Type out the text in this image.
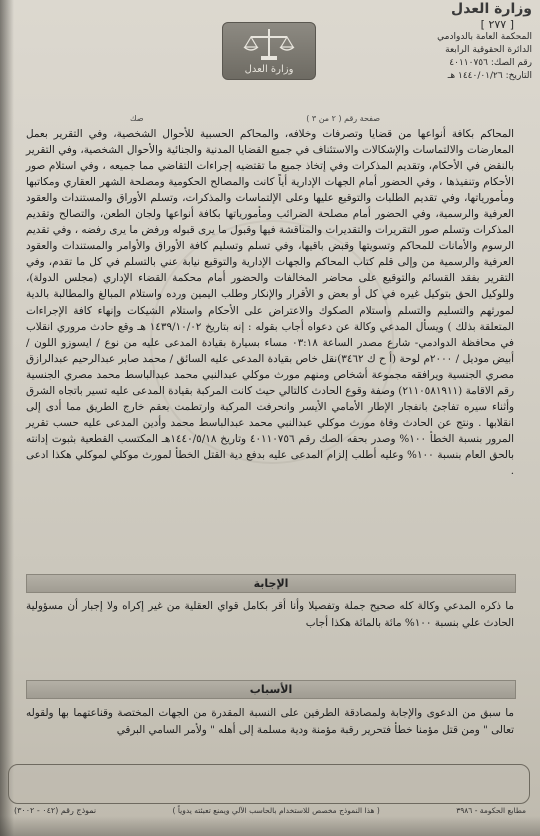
وزارة العدل
[ ٢٧٧ ]
المحكمة العامة بالدوادمي
الدائرة الحقوقية الرابعة
رقم الصك: ٤٠١١٠٧٥٦
التاريخ: ١٤٤٠/٠١/٢٦ هـ
وزارة العدل
صفحة رقم ( ٢ من ٣ )
صك
المحاكم بكافة أنواعها من قضايا وتصرفات وخلافه، والمحاكم الحسبية للأحوال الشخصية، وفي التقرير بعمل المعارضات والالتماسات والإشكالات والاستئناف في جميع القضايا المدنية والجنائية والأحوال الشخصية، وفي التقرير بالنقض في الأحكام، وتقديم المذكرات وفي إتخاذ جميع ما تقتضيه إجراءات التقاضي مما جميعه ، وفي استلام صور الأحكام وتنفيذها ، وفي الحضور أمام الجهات الإدارية أياً كانت والمصالح الحكومية ومصلحة الشهر العقاري ومكاتبها ومأمورياتها، وفي تقديم الطلبات والتوقيع عليها وعلى الإلتماسات والمذكرات، وتسلم الأوراق والمستندات والعقود العرفية والرسمية، وفي الحضور أمام مصلحة الضرائب ومأمورياتها بكافة أنواعها ولجان الطعن، والتصالح وتقديم المذكرات وتسلم صور التقريرات والتقديرات والمناقشة فيها وقبول ما يرى قبوله ورفض ما يرى رفضه ، وفي تقديم الرسوم والأمانات للمحاكم وتسويتها وقبض باقيها، وفي تسلم وتسليم كافة الأوراق والأوامر والمستندات والعقود العرفية والرسمية من وإلى قلم كتاب المحاكم والجهات الإدارية والتوقيع نيابة عني بالتسلم في كل ما تقدم، وفي التقرير بفقد القسائم والتوقيع على محاضر المخالفات والحضور أمام محكمة القضاء الإداري (مجلس الدولة)، وللوكيل الحق بتوكيل غيره في كل أو بعض و الأقرار والإنكار وطلب اليمين ورده واستلام المبالغ والمطالبة بالدية لمورثهم والتسليم والتسلم واستلام الصكوك والاعتراض على الأحكام واستلام الشيكات وإنهاء كافة الإجراءات المتعلقة بذلك ) ويسأل المدعي وكالة عن دعواه أجاب بقوله : إنه بتاريخ ١٤٣٩/١٠/٠٢ هـ وقع حادث مروري انقلاب في محافظة الدوادمي- شارع مصدر الساعة ٠٣:١٨ مساء بسيارة بقيادة المدعى عليه من نوع / ايسوزو اللون / أبيض موديل / ٢٠٠٠م لوحة (أ ح ك ٣٤٦٢)نقل خاص بقيادة المدعى عليه السائق / محمد صابر عبدالرحيم عبدالرازق مصري الجنسية ويرافقه مجموعة أشخاص ومنهم مورث موكلي عبدالنبي محمد عبدالباسط محمد مصري الجنسية رقم الاقامة (٢١١٠٥٨١٩١١) وصفة وقوع الحادث كالتالي حيث كانت المركبة بقيادة المدعى عليه تسير باتجاه الشرق وأثناء سيره تفاجئ بانفجار الإطار الأمامي الأيسر وانحرفت المركبة وارتطمت بعقم خارج الطريق مما أدى إلى انقلابها . ونتج عن الحادث وفاة مورث موكلي عبدالنبي محمد عبدالباسط محمد وأدين المدعى عليه حسب تقرير المرور بنسبة الخطأ ١٠٠% وصدر بحقه الصك رقم ٤٠١١٠٧٥٦ وتاريخ ١٤٤٠/٥/١٨هـ المكتسب القطعية بثبوت إدانته بالحق العام بنسبة ١٠٠% وعليه أطلب إلزام المدعى عليه بدفع دية القتل الخطأ لمورث موكلي لموكلي هكذا ادعى .
الإجابة
ما ذكره المدعي وكالة كله صحيح جملة وتفصيلا وأنا أقر بكامل قواي العقلية من غير إكراه ولا إجبار أن مسؤولية الحادث علي بنسبة ١٠٠% مائة بالمائة هكذا أجاب
الأسباب
ما سبق من الدعوى والإجابة ولمصادقة الطرفين على النسبة المقدرة من الجهات المختصة وقناعتهما بها ولقوله تعالى " ومن قتل مؤمنا خطأ فتحرير رقبة مؤمنة ودية مسلمة إلى أهله " ولأمر السامي البرقي
مطابع الحكومة - ٣٩٨٦
( هذا النموذج مخصص للاستخدام بالحاسب الآلي ويمنع تعبئته يدوياً )
نموذج رقم (٠٤٢ - ٣٠٠٢)
